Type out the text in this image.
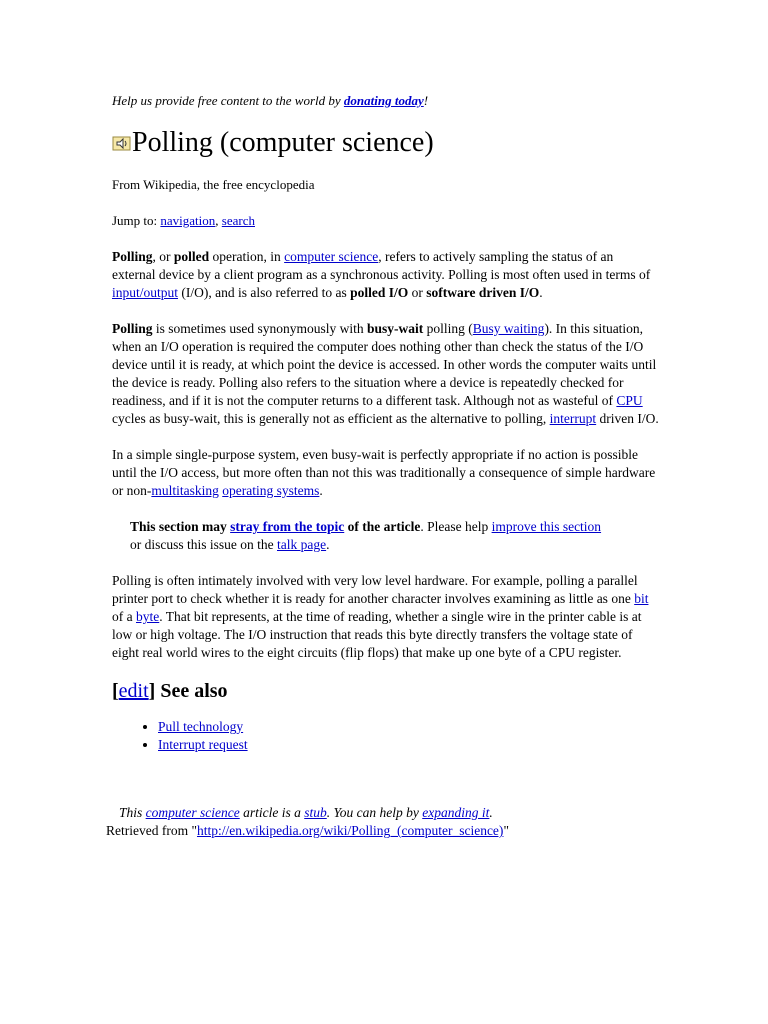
Help us provide free content to the world by donating today!

Polling (computer science)

From Wikipedia, the free encyclopedia

Jump to: navigation, search

Polling, or polled operation, in computer science, refers to actively sampling the status of an external device by a client program as a synchronous activity. Polling is most often used in terms of input/output (I/O), and is also referred to as polled I/O or software driven I/O.

Polling is sometimes used synonymously with busy-wait polling (Busy waiting). In this situation, when an I/O operation is required the computer does nothing other than check the status of the I/O device until it is ready, at which point the device is accessed. In other words the computer waits until the device is ready. Polling also refers to the situation where a device is repeatedly checked for readiness, and if it is not the computer returns to a different task. Although not as wasteful of CPU cycles as busy-wait, this is generally not as efficient as the alternative to polling, interrupt driven I/O.

In a simple single-purpose system, even busy-wait is perfectly appropriate if no action is possible until the I/O access, but more often than not this was traditionally a consequence of simple hardware or non-multitasking operating systems.

This section may stray from the topic of the article. Please help improve this section
or discuss this issue on the talk page.

Polling is often intimately involved with very low level hardware. For example, polling a parallel printer port to check whether it is ready for another character involves examining as little as one bit of a byte. That bit represents, at the time of reading, whether a single wire in the printer cable is at low or high voltage. The I/O instruction that reads this byte directly transfers the voltage state of eight real world wires to the eight circuits (flip flops) that make up one byte of a CPU register.

[edit] See also
• Pull technology
• Interrupt request
This computer science article is a stub. You can help by expanding it.
Retrieved from "http://en.wikipedia.org/wiki/Polling_(computer_science)"
